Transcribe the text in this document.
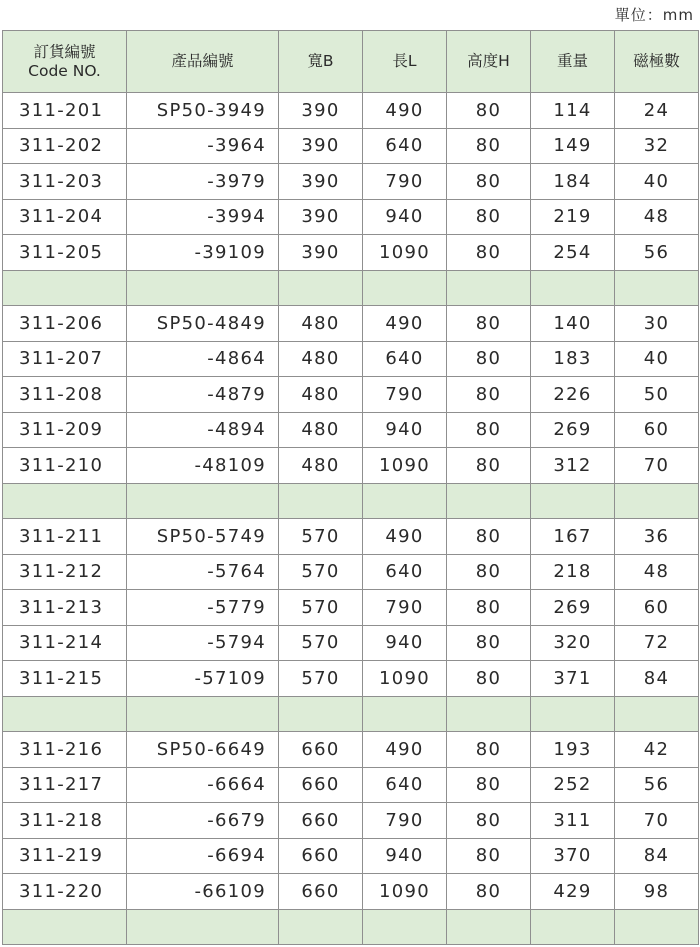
單位：mm
訂貨編號
Code NO.	產品編號	寬B	長L	高度H	重量	磁極數
311-201	SP50-3949	390	490	80	114	24
311-202	-3964	390	640	80	149	32
311-203	-3979	390	790	80	184	40
311-204	-3994	390	940	80	219	48
311-205	-39109	390	1090	80	254	56

311-206	SP50-4849	480	490	80	140	30
311-207	-4864	480	640	80	183	40
311-208	-4879	480	790	80	226	50
311-209	-4894	480	940	80	269	60
311-210	-48109	480	1090	80	312	70

311-211	SP50-5749	570	490	80	167	36
311-212	-5764	570	640	80	218	48
311-213	-5779	570	790	80	269	60
311-214	-5794	570	940	80	320	72
311-215	-57109	570	1090	80	371	84

311-216	SP50-6649	660	490	80	193	42
311-217	-6664	660	640	80	252	56
311-218	-6679	660	790	80	311	70
311-219	-6694	660	940	80	370	84
311-220	-66109	660	1090	80	429	98
